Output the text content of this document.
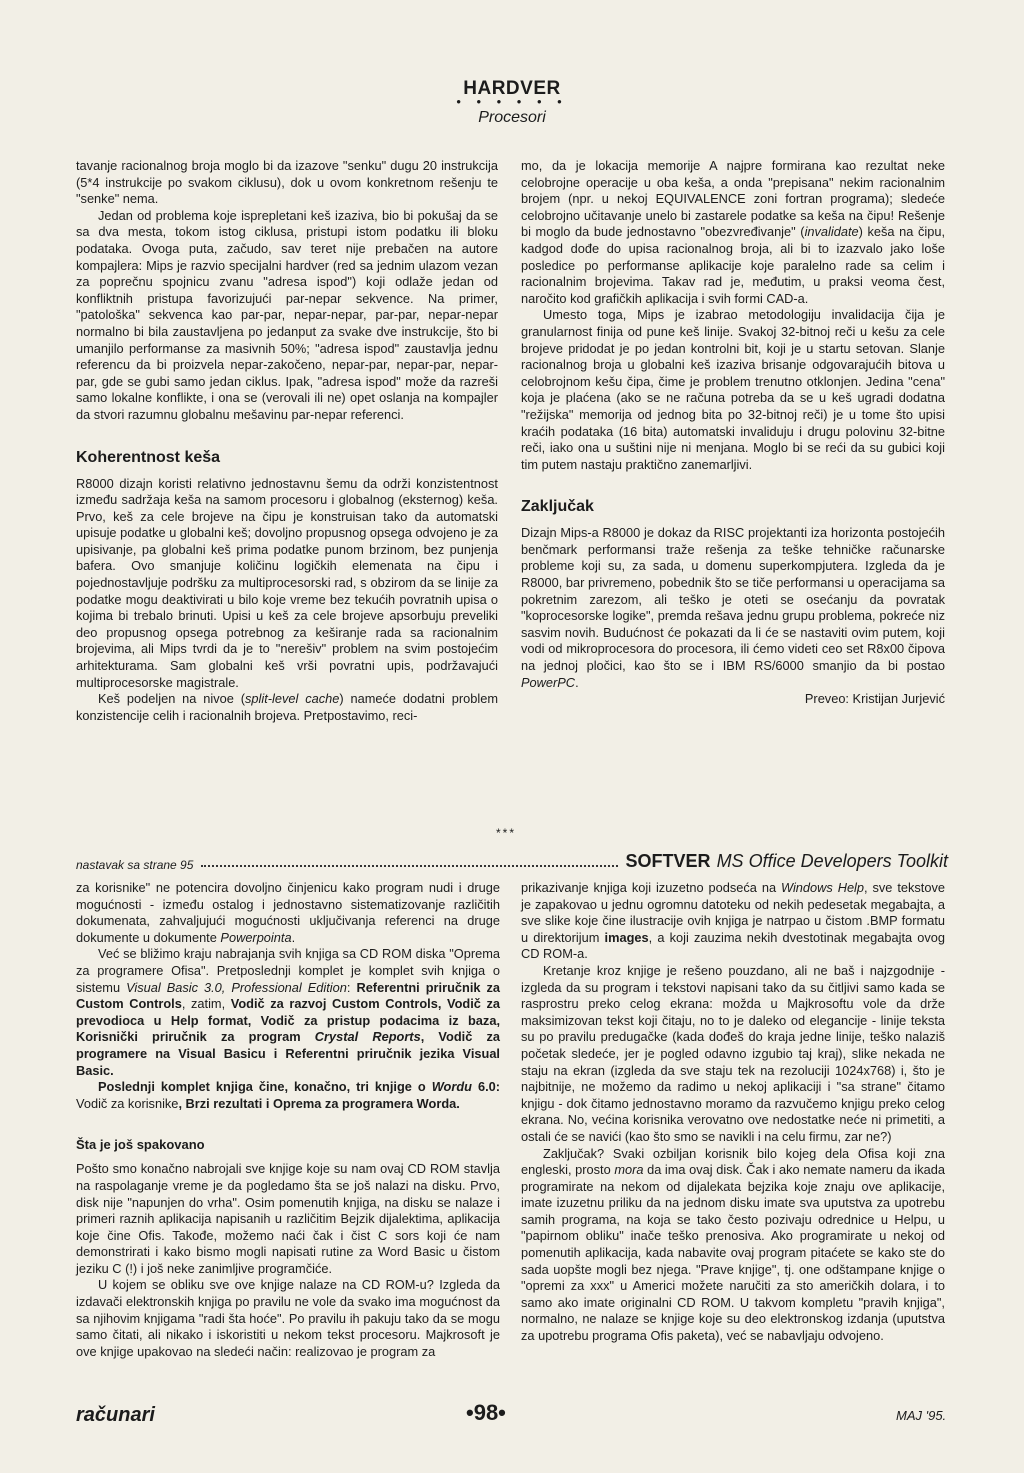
HARDVER
• • • • • •
Procesori

tavanje racionalnog broja moglo bi da izazove "senku" dugu 20 instrukcija (5*4 instrukcije po svakom ciklusu), dok u ovom konkretnom rešenju te "senke" nema.

Jedan od problema koje isprepletani keš izaziva, bio bi pokušaj da se sa dva mesta, tokom istog ciklusa, pristupi istom podatku ili bloku podataka. Ovoga puta, začudo, sav teret nije prebačen na autore kompajlera: Mips je razvio specijalni hardver (red sa jednim ulazom vezan za poprečnu spojnicu zvanu "adresa ispod") koji odlaže jedan od konfliktnih pristupa favorizujući par-nepar sekvence. Na primer, "patološka" sekvenca kao par-par, nepar-nepar, par-par, nepar-nepar normalno bi bila zaustavljena po jedanput za svake dve instrukcije, što bi umanjilo performanse za masivnih 50%; "adresa ispod" zaustavlja jednu referencu da bi proizvela nepar-zakočeno, nepar-par, nepar-par, nepar-par, gde se gubi samo jedan ciklus. Ipak, "adresa ispod" može da razreši samo lokalne konflikte, i ona se (verovali ili ne) opet oslanja na kompajler da stvori razumnu globalnu mešavinu par-nepar referenci.

Koherentnost keša

R8000 dizajn koristi relativno jednostavnu šemu da održi konzistentnost između sadržaja keša na samom procesoru i globalnog (eksternog) keša. Prvo, keš za cele brojeve na čipu je konstruisan tako da automatski upisuje podatke u globalni keš; dovoljno propusnog opsega odvojeno je za upisivanje, pa globalni keš prima podatke punom brzinom, bez punjenja bafera. Ovo smanjuje količinu logičkih elemenata na čipu i pojednostavljuje podršku za multiprocesorski rad, s obzirom da se linije za podatke mogu deaktivirati u bilo koje vreme bez tekućih povratnih upisa o kojima bi trebalo brinuti. Upisi u keš za cele brojeve apsorbuju preveliki deo propusnog opsega potrebnog za keširanje rada sa racionalnim brojevima, ali Mips tvrdi da je to "nerešiv" problem na svim postojećim arhitekturama. Sam globalni keš vrši povratni upis, podržavajući multiprocesorske magistrale.

Keš podeljen na nivoe (split-level cache) nameće dodatni problem konzistencije celih i racionalnih brojeva. Pretpostavimo, reci-

mo, da je lokacija memorije A najpre formirana kao rezultat neke celobrojne operacije u oba keša, a onda "prepisana" nekim racionalnim brojem (npr. u nekoj EQUIVALENCE zoni fortran programa); sledeće celobrojno učitavanje unelo bi zastarele podatke sa keša na čipu! Rešenje bi moglo da bude jednostavno "obezvređivanje" (invalidate) keša na čipu, kadgod dođe do upisa racionalnog broja, ali bi to izazvalo jako loše posledice po performanse aplikacije koje paralelno rade sa celim i racionalnim brojevima. Takav rad je, međutim, u praksi veoma čest, naročito kod grafičkih aplikacija i svih formi CAD-a.

Umesto toga, Mips je izabrao metodologiju invalidacija čija je granularnost finija od pune keš linije. Svakoj 32-bitnoj reči u kešu za cele brojeve pridodat je po jedan kontrolni bit, koji je u startu setovan. Slanje racionalnog broja u globalni keš izaziva brisanje odgovarajućih bitova u celobrojnom kešu čipa, čime je problem trenutno otklonjen. Jedina "cena" koja je plaćena (ako se ne računa potreba da se u keš ugradi dodatna "režijska" memorija od jednog bita po 32-bitnoj reči) je u tome što upisi kraćih podataka (16 bita) automatski invaliduju i drugu polovinu 32-bitne reči, iako ona u suštini nije ni menjana. Moglo bi se reći da su gubici koji tim putem nastaju praktično zanemarljivi.

Zaključak

Dizajn Mips-a R8000 je dokaz da RISC projektanti iza horizonta postojećih benčmark performansi traže rešenja za teške tehničke računarske probleme koji su, za sada, u domenu superkompjutera. Izgleda da je R8000, bar privremeno, pobednik što se tiče performansi u operacijama sa pokretnim zarezom, ali teško je oteti se osećanju da povratak "koprocesorske logike", premda rešava jednu grupu problema, pokreće niz sasvim novih. Budućnost će pokazati da li će se nastaviti ovim putem, koji vodi od mikroprocesora do procesora, ili ćemo videti ceo set R8x00 čipova na jednoj pločici, kao što se i IBM RS/6000 smanjio da bi postao PowerPC.

Preveo: Kristijan Jurjević

***
nastavak sa strane 95	SOFTVER MS Office Developers Toolkit

za korisnike" ne potencira dovoljno činjenicu kako program nudi i druge mogućnosti - između ostalog i jednostavno sistematizovanje različitih dokumenata, zahvaljujući mogućnosti uključivanja referenci na druge dokumente u dokumente Powerpointa.

Već se bližimo kraju nabrajanja svih knjiga sa CD ROM diska "Oprema za programere Ofisa". Pretposlednji komplet je komplet svih knjiga o sistemu Visual Basic 3.0, Professional Edition: Referentni priručnik za Custom Controls, zatim, Vodič za razvoj Custom Controls, Vodič za prevodioca u Help format, Vodič za pristup podacima iz baza, Korisnički priručnik za program Crystal Reports, Vodič za programere na Visual Basicu i Referentni priručnik jezika Visual Basic.

Poslednji komplet knjiga čine, konačno, tri knjige o Wordu 6.0: Vodič za korisnike, Brzi rezultati i Oprema za programera Worda.

Šta je još spakovano

Pošto smo konačno nabrojali sve knjige koje su nam ovaj CD ROM stavlja na raspolaganje vreme je da pogledamo šta se još nalazi na disku. Prvo, disk nije "napunjen do vrha". Osim pomenutih knjiga, na disku se nalaze i primeri raznih aplikacija napisanih u različitim Bejzik dijalektima, aplikacija koje čine Ofis. Takođe, možemo naći čak i čist C sors koji će nam demonstrirati i kako bismo mogli napisati rutine za Word Basic u čistom jeziku C (!) i još neke zanimljive programčiće.

U kojem se obliku sve ove knjige nalaze na CD ROM-u? Izgleda da izdavači elektronskih knjiga po pravilu ne vole da svako ima mogućnost da sa njihovim knjigama "radi šta hoće". Po pravilu ih pakuju tako da se mogu samo čitati, ali nikako i iskoristiti u nekom tekst procesoru. Majkrosoft je ove knjige upakovao na sledeći način: realizovao je program za

prikazivanje knjiga koji izuzetno podseća na Windows Help, sve tekstove je zapakovao u jednu ogromnu datoteku od nekih pedesetak megabajta, a sve slike koje čine ilustracije ovih knjiga je natrpao u čistom .BMP formatu u direktorijum images, a koji zauzima nekih dvestotinak megabajta ovog CD ROM-a.

Kretanje kroz knjige je rešeno pouzdano, ali ne baš i najzgodnije - izgleda da su program i tekstovi napisani tako da su čitljivi samo kada se rasprostru preko celog ekrana: možda u Majkrosoftu vole da drže maksimizovan tekst koji čitaju, no to je daleko od elegancije - linije teksta su po pravilu predugačke (kada dođeš do kraja jedne linije, teško nalaziš početak sledeće, jer je pogled odavno izgubio taj kraj), slike nekada ne staju na ekran (izgleda da sve staju tek na rezoluciji 1024x768) i, što je najbitnije, ne možemo da radimo u nekoj aplikaciji i "sa strane" čitamo knjigu - dok čitamo jednostavno moramo da razvučemo knjigu preko celog ekrana. No, većina korisnika verovatno ove nedostatke neće ni primetiti, a ostali će se navići (kao što smo se navikli i na celu firmu, zar ne?)

Zaključak? Svaki ozbiljan korisnik bilo kojeg dela Ofisa koji zna engleski, prosto mora da ima ovaj disk. Čak i ako nemate nameru da ikada programirate na nekom od dijalekata bejzika koje znaju ove aplikacije, imate izuzetnu priliku da na jednom disku imate sva uputstva za upotrebu samih programa, na koja se tako često pozivaju odrednice u Helpu, u "papirnom obliku" inače teško prenosiva. Ako programirate u nekoj od pomenutih aplikacija, kada nabavite ovaj program pitaćete se kako ste do sada uopšte mogli bez njega. "Prave knjige", tj. one odštampane knjige o "opremi za xxx" u Americi možete naručiti za sto američkih dolara, i to samo ako imate originalni CD ROM. U takvom kompletu "pravih knjiga", normalno, ne nalaze se knjige koje su deo elektronskog izdanja (uputstva za upotrebu programa Ofis paketa), već se nabavljaju odvojeno.

računari	•98•	MAJ '95.
